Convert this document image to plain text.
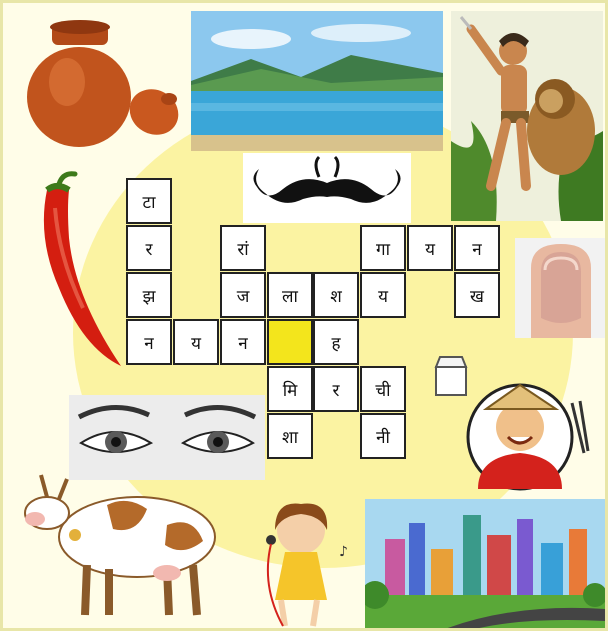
♪
टा
र	रां	गा	य	न
झ	ज	ला	श	य	ख
न	य	न	ह
मि	र	ची
शा	नी
